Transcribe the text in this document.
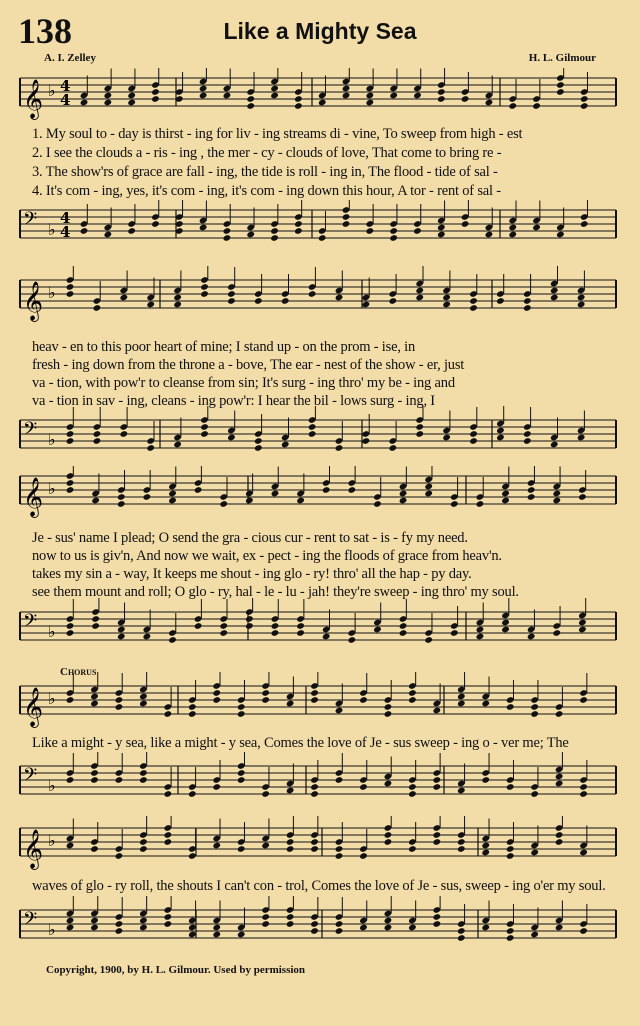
138	Like a Mighty Sea
A. I. Zelley	H. L. Gilmour
𝄞 ♭ 4
4
1. My soul to - day is thirst - ing for liv - ing streams di - vine, To sweep from high - est
2. I see the clouds a - ris - ing , the mer - cy - clouds of love, That come to bring re -
3. The show'rs of grace are fall - ing, the tide is roll - ing in, The flood - tide of sal -
4. It's com - ing, yes, it's com - ing, it's com - ing down this hour, A tor - rent of sal -
𝄢 ♭
4
4
𝄞 ♭
heav - en to this poor heart of mine; I stand up - on the prom - ise, in
fresh - ing down from the throne a - bove, The ear - nest of the show - er, just
va - tion, with pow'r to cleanse from sin; It's surg - ing thro' my be - ing and
va - tion in sav - ing, cleans - ing pow'r: I hear the bil - lows surg - ing, I
𝄢 ♭
𝄞 ♭
Je - sus' name I plead; O send the gra - cious cur - rent to sat - is - fy my need.
now to us is giv'n, And now we wait, ex - pect - ing the floods of grace from heav'n.
takes my sin a - way, It keeps me shout - ing glo - ry! thro' all the hap - py day.
see them mount and roll; O glo - ry, hal - le - lu - jah! they're sweep - ing thro' my soul.
𝄢 ♭
Chorus
𝄞 ♭
Like a might - y sea, like a might - y sea, Comes the love of Je - sus sweep - ing o - ver me; The
𝄢 ♭
𝄞 ♭
waves of glo - ry roll, the shouts I can't con - trol, Comes the love of Je - sus, sweep - ing o'er my soul.
𝄢 ♭
Copyright, 1900, by H. L. Gilmour. Used by permission
